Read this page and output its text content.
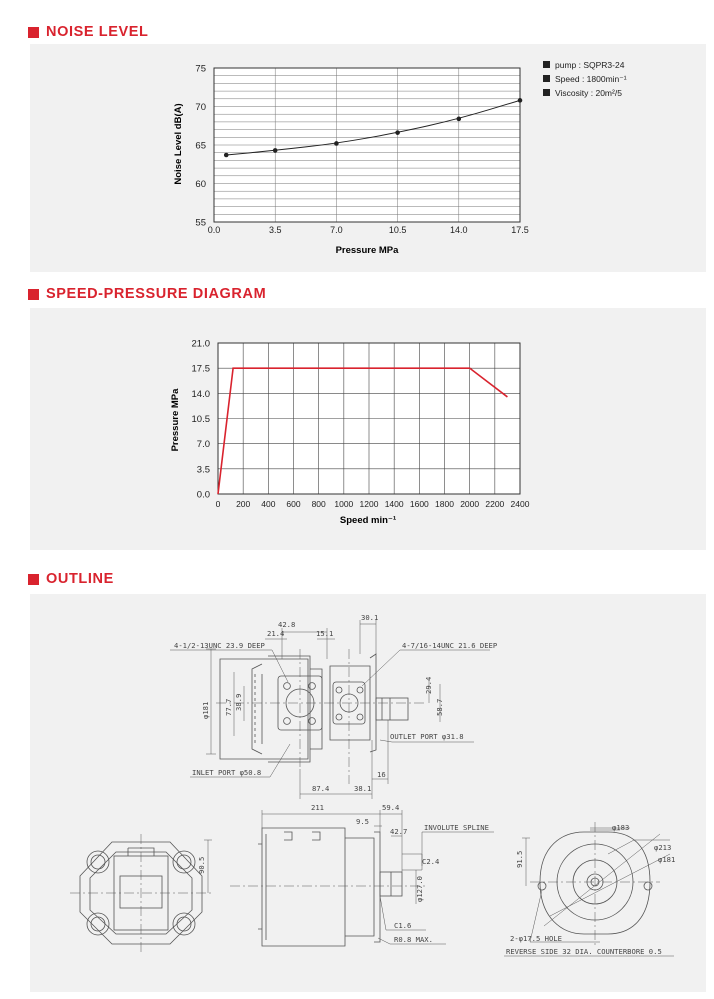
NOISE LEVEL
0.0	3.5	7.0	10.5	14.0	17.5
55
60
65
70
75
Pressure MPa
Noise Level dB(A)
pump : SQPR3-24
Speed : 1800min⁻¹
Viscosity : 20m²/5
SPEED-PRESSURE DIAGRAM
0 200 400 600 800 1000 1200 1400 1600 1800 2000 2200 2400
0.0
3.5
7.0
10.5
14.0
17.5
21.0
Speed min⁻¹
Pressure MPa
OUTLINE
42.8
30.1
21.4	15.1
29.4
58.7
87.4	38.1
16
φ181 77.7 38.9
4-1/2-13UNC 23.9 DEEP	4-7/16-14UNC 21.6 DEEP
OUTLET PORT φ31.8
INLET PORT φ50.8
90.5
211	59.4
9.5
42.7
C2.4
φ127.0
C1.6
INVOLUTE SPLINE
R0.8 MAX.
φ183
φ213
φ181
91.5
2-φ17.5 HOLE
REVERSE SIDE 32 DIA. COUNTERBORE 0.5
